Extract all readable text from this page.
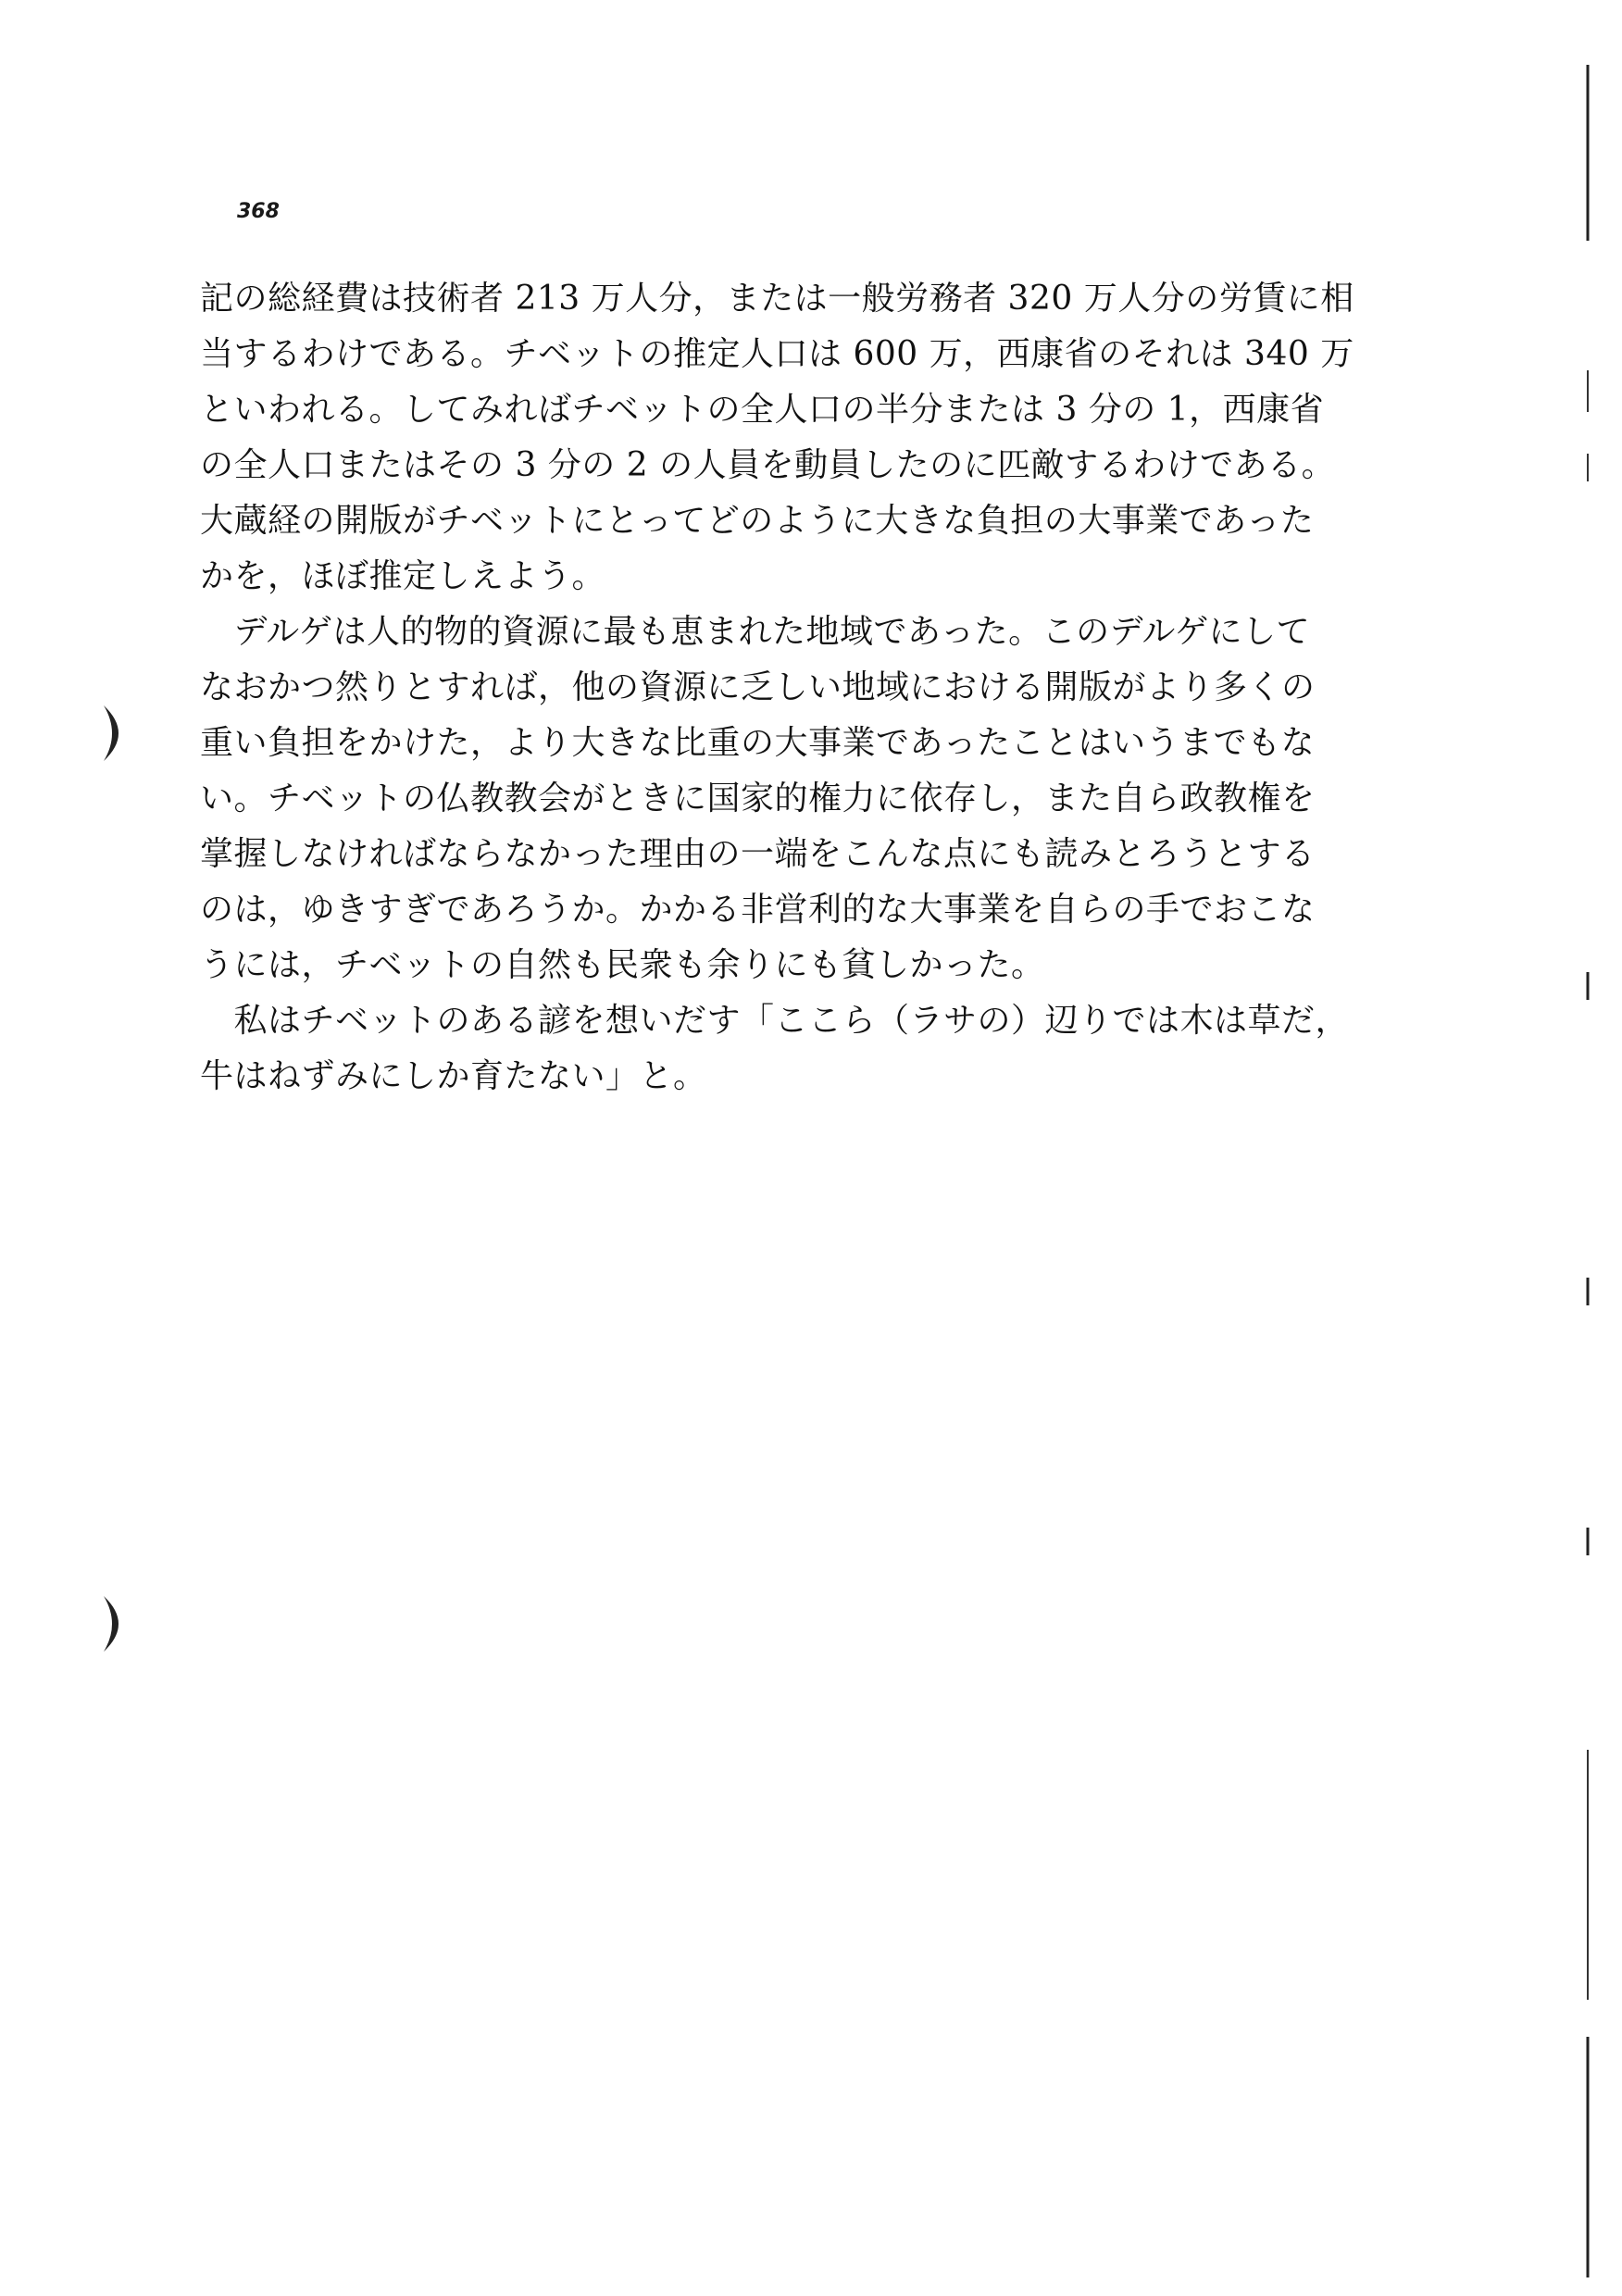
368
記の総経費は技術者 213 万人分，または一般労務者 320 万人分の労賃に相
当するわけである。チベットの推定人口は 600 万，西康省のそれは 340 万
といわれる。してみればチベットの全人口の半分または 3 分の 1，西康省
の全人口またはその 3 分の 2 の人員を動員したのに匹敵するわけである。
大蔵経の開版がチベットにとってどのように大きな負担の大事業であった
かを，ほぼ推定しえよう。
　デルゲは人的物的資源に最も恵まれた地域であった。このデルゲにして
なおかつ然りとすれば，他の資源に乏しい地域における開版がより多くの
重い負担をかけた，より大きな比重の大事業であったことはいうまでもな
い。チベットの仏教教会がときに国家的権力に依存し，また自ら政教権を
掌握しなければならなかった理由の一端をこんな点にも読みとろうとする
のは，ゆきすぎであろうか。かかる非営利的な大事業を自らの手でおこな
うには，チベットの自然も民衆も余りにも貧しかった。
　私はチベットのある諺を想いだす「ここら（ラサの）辺りでは木は草だ，
牛はねずみにしか育たない」と。
